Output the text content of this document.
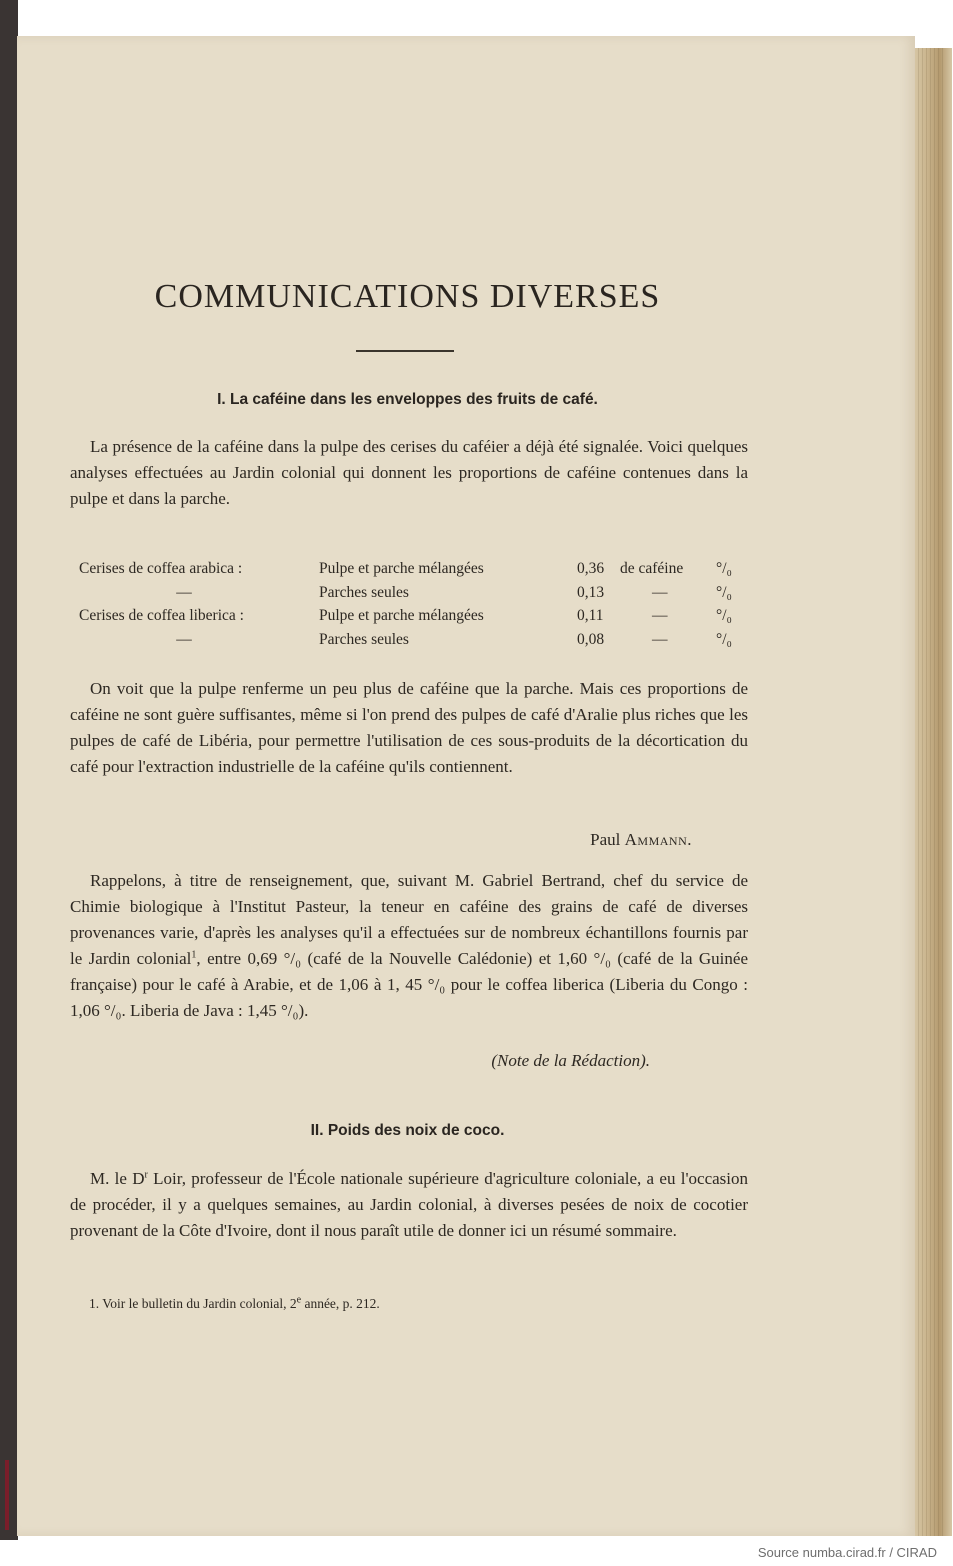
COMMUNICATIONS DIVERSES
I. La caféine dans les enveloppes des fruits de café.

La présence de la caféine dans la pulpe des cerises du caféier a déjà été signalée. Voici quelques analyses effectuées au Jardin colonial qui donnent les proportions de caféine contenues dans la pulpe et dans la parche.

Cerises de coffea arabica :	Pulpe et parche mélangées	0,36 de caféine °/₀
—	Parches seules	0,13	—	°/₀
Cerises de coffea liberica :	Pulpe et parche mélangées	0,11	—	°/₀
—	Parches seules	0,08	—	°/₀

On voit que la pulpe renferme un peu plus de caféine que la parche. Mais ces proportions de caféine ne sont guère suffisantes, même si l'on prend des pulpes de café d'Aralie plus riches que les pulpes de café de Libéria, pour permettre l'utilisation de ces sous-produits de la décortication du café pour l'extraction industrielle de la caféine qu'ils contiennent.

Paul Ammann.

Rappelons, à titre de renseignement, que, suivant M. Gabriel Bertrand, chef du service de Chimie biologique à l'Institut Pasteur, la teneur en caféine des grains de café de diverses provenances varie, d'après les analyses qu'il a effectuées sur de nombreux échantillons fournis par le Jardin colonial$^1$, entre 0,69 °/₀ (café de la Nouvelle Calédonie) et 1,60 °/₀ (café de la Guinée française) pour le café à Arabie, et de 1,06 à 1, 45 °/₀ pour le coffea liberica (Liberia du Congo : 1,06 °/₀. Liberia de Java : 1,45 °/₀).

(Note de la Rédaction).
II. Poids des noix de coco.

M. le $D^r$ Loir, professeur de l'École nationale supérieure d'agriculture coloniale, a eu l'occasion de procéder, il y a quelques semaines, au Jardin colonial, à diverses pesées de noix de cocotier provenant de la Côte d'Ivoire, dont il nous paraît utile de donner ici un résumé sommaire.

1. Voir le bulletin du Jardin colonial, 2e année, p. 212.
Source numba.cirad.fr / CIRAD
